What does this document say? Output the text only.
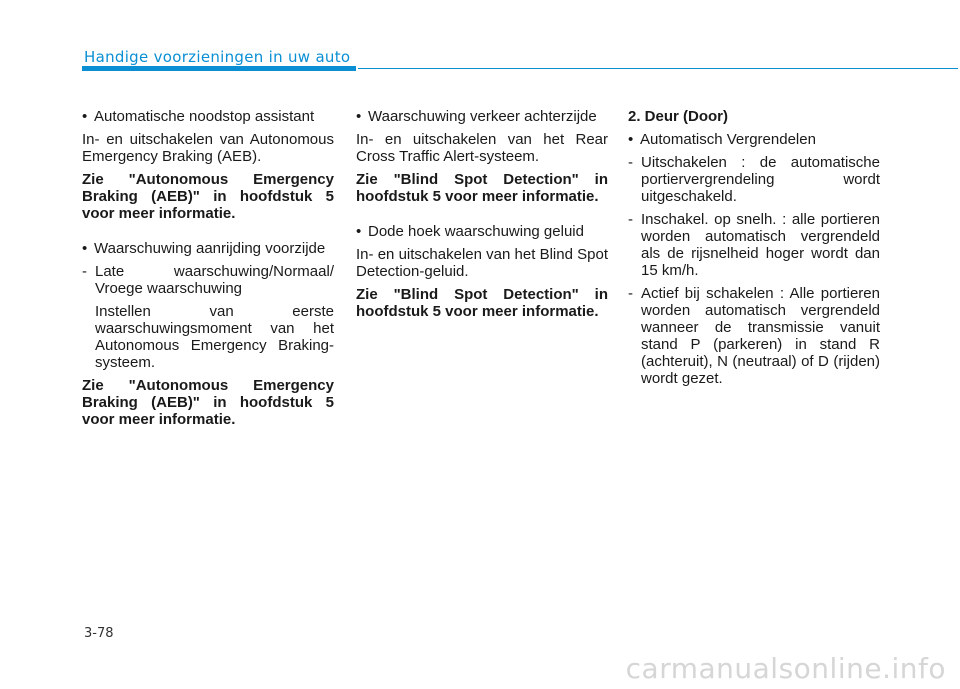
Handige voorzieningen in uw auto
• Automatische noodstop assistant

In- en uitschakelen van Autonomous Emergency Braking (AEB).

Zie "Autonomous Emergency Braking (AEB)" in hoofdstuk 5 voor meer informatie.

• Waarschuwing aanrijding voorzijde
- Late waarschuwing/Normaal/ Vroege waarschuwing
Instellen van eerste waarschuwingsmoment van het Autonomous Emergency Braking-systeem.

Zie "Autonomous Emergency Braking (AEB)" in hoofdstuk 5 voor meer informatie.

• Waarschuwing verkeer achterzijde

In- en uitschakelen van het Rear Cross Traffic Alert-systeem.

Zie "Blind Spot Detection" in hoofdstuk 5 voor meer informatie.

• Dode hoek waarschuwing geluid

In- en uitschakelen van het Blind Spot Detection-geluid.

Zie "Blind Spot Detection" in hoofdstuk 5 voor meer informatie.

2. Deur (Door)
• Automatisch Vergrendelen
- Uitschakelen : de automatische portiervergrendeling wordt uitgeschakeld.
- Inschakel. op snelh. : alle portieren worden automatisch vergrendeld als de rijsnelheid hoger wordt dan 15 km/h.
- Actief bij schakelen : Alle portieren worden automatisch vergrendeld wanneer de transmissie vanuit stand P (parkeren) in stand R (achteruit), N (neutraal) of D (rijden) wordt gezet.
3-78
carmanualsonline.info
